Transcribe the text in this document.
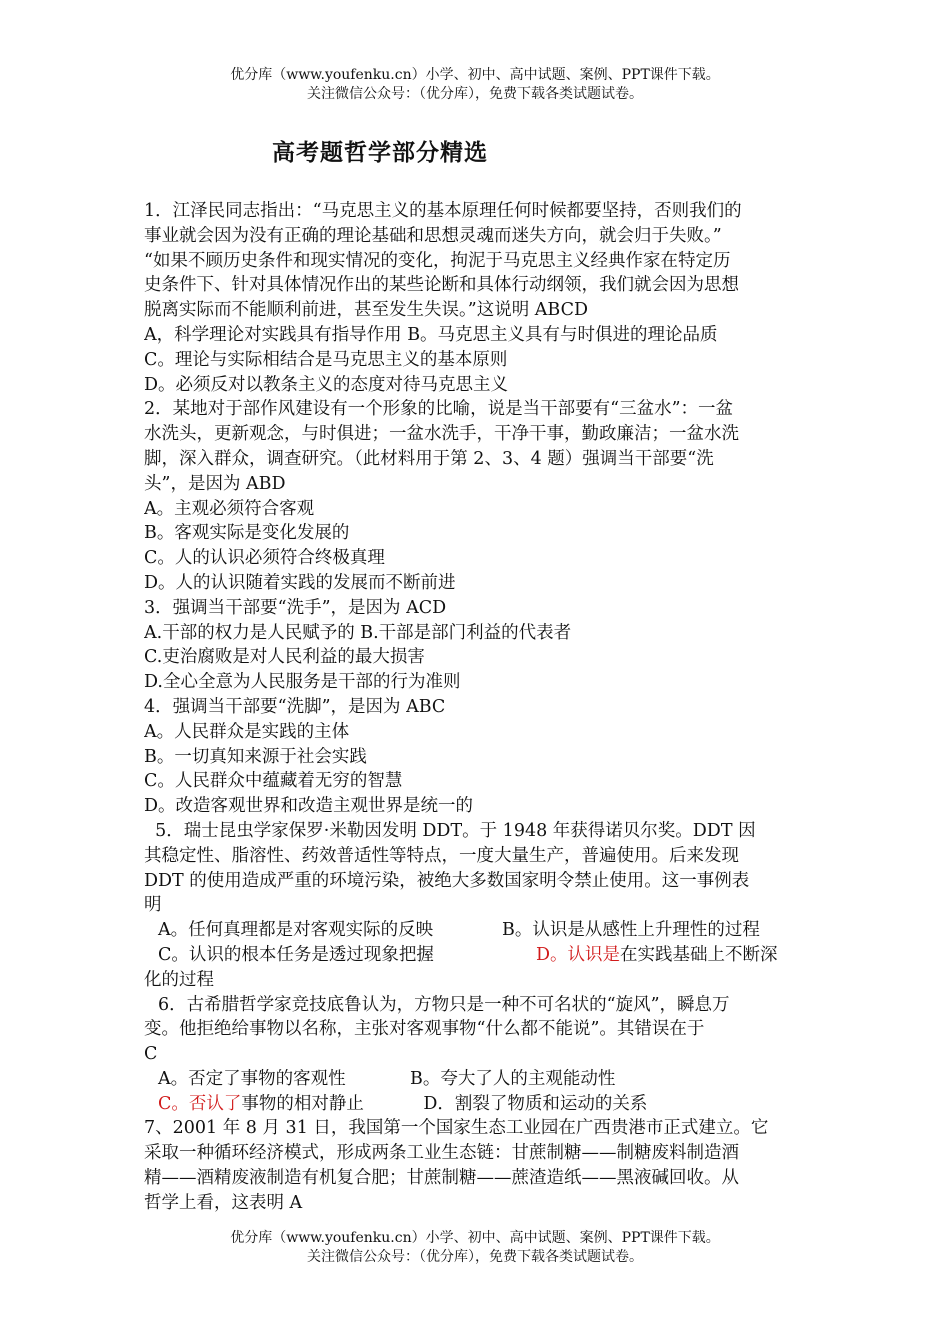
优分库（www.youfenku.cn）小学、初中、高中试题、案例、PPT课件下载。
关注微信公众号：（优分库），免费下载各类试题试卷。
高考题哲学部分精选
1．江泽民同志指出：“马克思主义的基本原理任何时候都要坚持，否则我们的
事业就会因为没有正确的理论基础和思想灵魂而迷失方向，就会归于失败。”
“如果不顾历史条件和现实情况的变化，拘泥于马克思主义经典作家在特定历
史条件下、针对具体情况作出的某些论断和具体行动纲领，我们就会因为思想
脱离实际而不能顺利前进，甚至发生失误。”这说明 ABCD
A，科学理论对实践具有指导作用 B。马克思主义具有与时俱进的理论品质
C。理论与实际相结合是马克思主义的基本原则
D。必须反对以教条主义的态度对待马克思主义
2．某地对于部作风建设有一个形象的比喻，说是当干部要有“三盆水”：一盆
水洗头，更新观念，与时俱进；一盆水洗手，干净干事，勤政廉洁；一盆水洗
脚，深入群众，调查研究。（此材料用于第 2、3、4 题）强调当干部要“洗
头”，是因为 ABD
A。主观必须符合客观
B。客观实际是变化发展的
C。人的认识必须符合终极真理
D。人的认识随着实践的发展而不断前进
3．强调当干部要“洗手”，是因为 ACD
A.干部的权力是人民赋予的 B.干部是部门利益的代表者
C.吏治腐败是对人民利益的最大损害
D.全心全意为人民服务是干部的行为准则
4．强调当干部要“洗脚”，是因为 ABC
A。人民群众是实践的主体
B。一切真知来源于社会实践
C。人民群众中蕴藏着无穷的智慧
D。改造客观世界和改造主观世界是统一的
5．瑞士昆虫学家保罗·米勒因发明 DDT。于 1948 年获得诺贝尔奖。DDT 因
其稳定性、脂溶性、药效普适性等特点，一度大量生产，普遍使用。后来发现
DDT 的使用造成严重的环境污染，被绝大多数国家明令禁止使用。这一事例表
明
A。任何真理都是对客观实际的反映	B。认识是从感性上升理性的过程
C。认识的根本任务是透过现象把握	D。认识是在实践基础上不断深
化的过程
6．古希腊哲学家竞技底鲁认为，方物只是一种不可名状的“旋风”，瞬息万
变。他拒绝给事物以名称，主张对客观事物“什么都不能说”。其错误在于
C
A。否定了事物的客观性	B。夸大了人的主观能动性
C。否认了事物的相对静止	D．割裂了物质和运动的关系
7、2001 年 8 月 31 日，我国第一个国家生态工业园在广西贵港市正式建立。它
采取一种循环经济模式，形成两条工业生态链：甘蔗制糖——制糖废料制造酒
精——酒精废液制造有机复合肥；甘蔗制糖——蔗渣造纸——黑液碱回收。从
哲学上看，这表明 A
优分库（www.youfenku.cn）小学、初中、高中试题、案例、PPT课件下载。
关注微信公众号：（优分库），免费下载各类试题试卷。
